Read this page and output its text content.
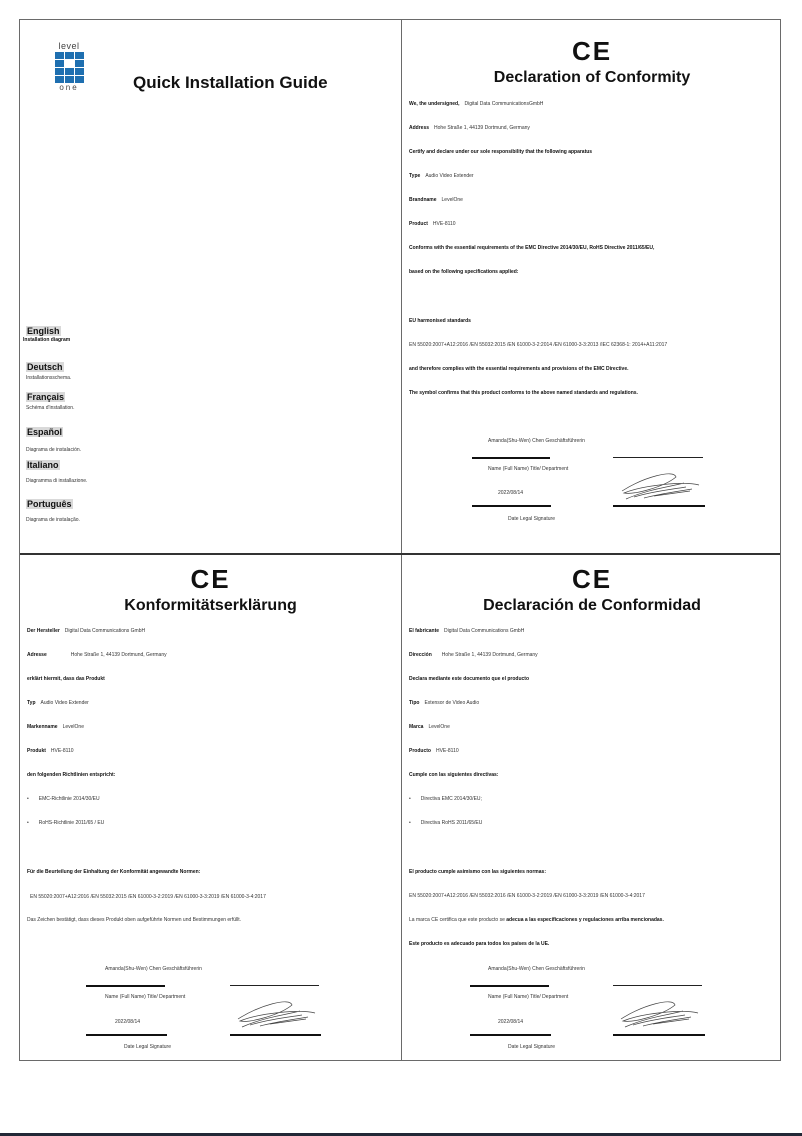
level
one	Quick Installation Guide
English
Installation diagram
Deutsch
Installationsschema.
Français
Schéma d'installation.
Español
Diagrama de instalación.
Italiano
Diagramma di installazione.
Português
Diagrama de instalação.
CE
Declaration of Conformity
We, the undersigned, Digital Data CommunicationsGmbH
Address Hohe Straße 1, 44139 Dortmund, Germany
Certify and declare under our sole responsibility that the following apparatus
Type Audio Video Extender
Brandname LevelOne
Product HVE-8110
Conforms with the essential requirements of the EMC Directive 2014/30/EU, RoHS Directive 2011/65/EU,
based on the following specifications applied:
EU harmonised standards
EN 55020:2007+A12:2016 /EN 55032:2015 /EN 61000-3-2:2014 /EN 61000-3-3:2013 /IEC 62368-1: 2014+A11:2017
and therefore complies with the essential requirements and provisions of the EMC Directive.
The symbol confirms that this product conforms to the above named standards and regulations.
Amanda(Shu-Wen) Chen Geschäftsführerin
Name (Full Name) Title/ Department
2022/08/14
Date Legal Signature
CE
Konformitätserklärung
Der Hersteller Digital Data Communications GmbH
Adresse	Hohe Straße 1, 44139 Dortmund, Germany
erklärt hiermit, dass das Produkt
Typ Audio Video Extender
Markenname LevelOne
Produkt HVE-8110
den folgenden Richtlinien entspricht:
• EMC-Richtlinie 2014/30/EU
• RoHS-Richtlinie 2011/65 / EU
Für die Beurteilung der Einhaltung der Konformität angewandte Normen:
EN 55020:2007+A12:2016 /EN 55032:2015 /EN 61000-3-2:2019 /EN 61000-3-3:2019 /EN 61000-3-4:2017
Das Zeichen bestätigt, dass dieses Produkt oben aufgeführte Normen und Bestimmungen erfüllt.
Amanda(Shu-Wen) Chen Geschäftsführerin
Name (Full Name) Title/ Department
2022/08/14
Date Legal Signature
CE
Declaración de Conformidad
El fabricante Digital Data Communications GmbH
Dirección Hohe Straße 1, 44139 Dortmund, Germany
Declara mediante este documento que el producto
Tipo Extensor de Video Audio
Marca LevelOne
Producto HVE-8110
Cumple con las siguientes directivas:
• Directiva EMC 2014/30/EU;
• Directiva RoHS 2011/65/EU
El producto cumple asimismo con las siguientes normas:
EN 55020:2007+A12:2016 /EN 55032:2016 /EN 61000-3-2:2019 /EN 61000-3-3:2019 /EN 61000-3-4:2017
La marca CE certifica que este producto se adecua a las especificaciones y regulaciones arriba mencionadas.
Este producto es adecuado para todos los países de la UE.
Amanda(Shu-Wen) Chen Geschäftsführerin
Name (Full Name) Title/ Department
2022/08/14
Date Legal Signature
